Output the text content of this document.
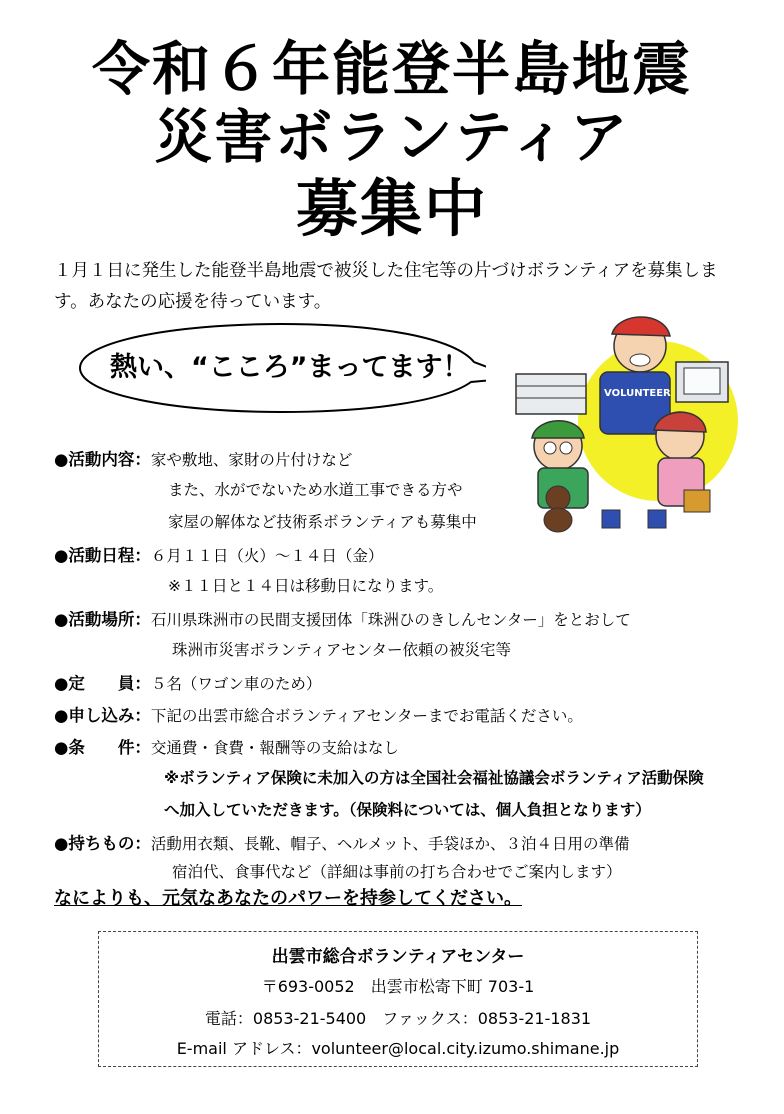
令和６年能登半島地震
災害ボランティア
募集中
１月１日に発生した能登半島地震で被災した住宅等の片づけボランティアを募集します。あなたの応援を待っています。
熱い、“こころ”まってます！
VOLUNTEER
●活動内容：家や敷地、家財の片付けなど
また、水がでないため水道工事できる方や
家屋の解体など技術系ボランティアも募集中
●活動日程：６月１１日（火）～１４日（金）
※１１日と１４日は移動日になります。
●活動場所：石川県珠洲市の民間支援団体「珠洲ひのきしんセンター」をとおして
珠洲市災害ボランティアセンター依頼の被災宅等
●定　　員：５名（ワゴン車のため）
●申し込み：下記の出雲市総合ボランティアセンターまでお電話ください。
●条　　件：交通費・食費・報酬等の支給はなし
※ボランティア保険に未加入の方は全国社会福祉協議会ボランティア活動保険
へ加入していただきます。（保険料については、個人負担となります）
●持ちもの：活動用衣類、長靴、帽子、ヘルメット、手袋ほか、３泊４日用の準備
宿泊代、食事代など（詳細は事前の打ち合わせでご案内します）
なによりも、元気なあなたのパワーを持参してください。
出雲市総合ボランティアセンター
〒693-0052　出雲市松寄下町 703-1
電話：0853-21-5400　ファックス：0853-21-1831
E-mail アドレス：volunteer@local.city.izumo.shimane.jp
